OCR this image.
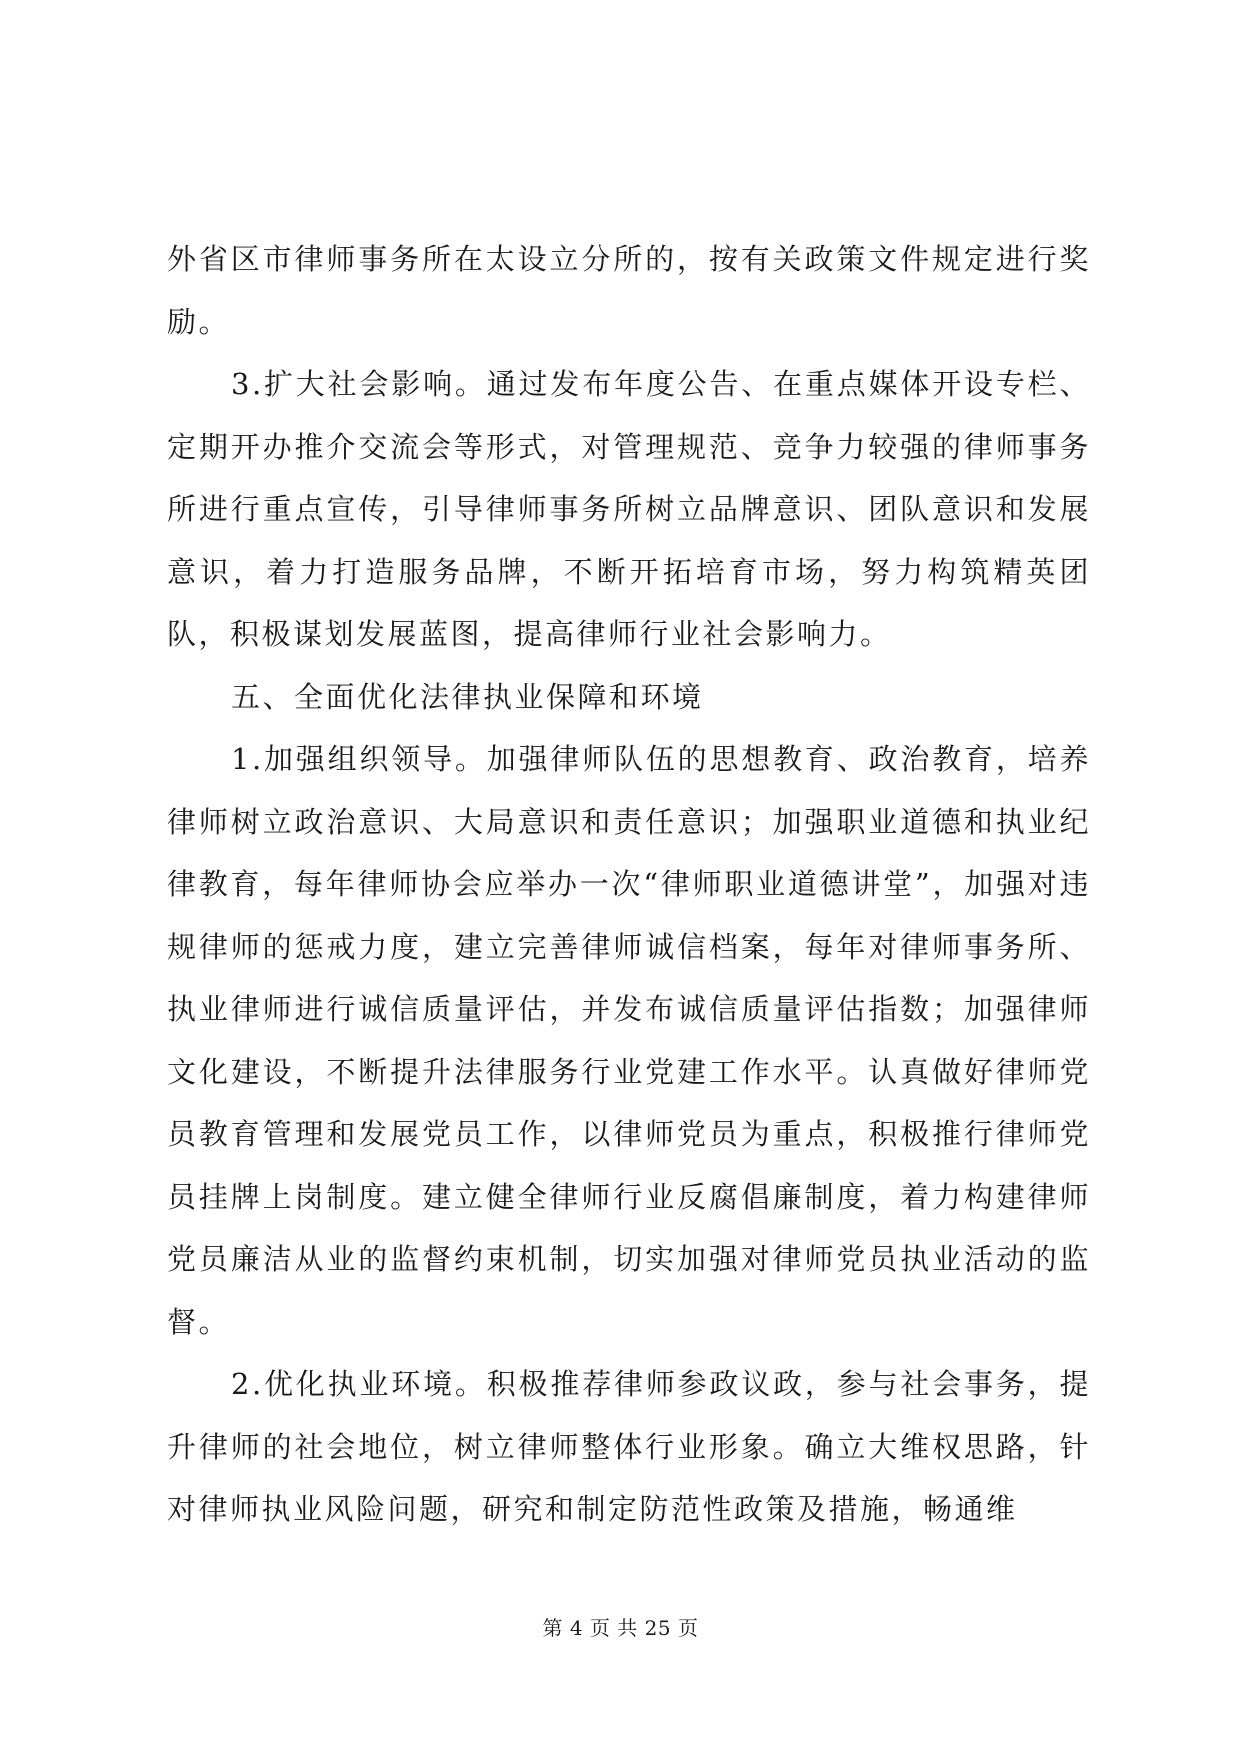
外省区市律师事务所在太设立分所的，按有关政策文件规定进行奖励。

3.扩大社会影响。通过发布年度公告、在重点媒体开设专栏、定期开办推介交流会等形式，对管理规范、竞争力较强的律师事务所进行重点宣传，引导律师事务所树立品牌意识、团队意识和发展意识，着力打造服务品牌，不断开拓培育市场，努力构筑精英团队，积极谋划发展蓝图，提高律师行业社会影响力。

五、全面优化法律执业保障和环境

1.加强组织领导。加强律师队伍的思想教育、政治教育，培养律师树立政治意识、大局意识和责任意识；加强职业道德和执业纪律教育，每年律师协会应举办一次“律师职业道德讲堂”，加强对违规律师的惩戒力度，建立完善律师诚信档案，每年对律师事务所、执业律师进行诚信质量评估，并发布诚信质量评估指数；加强律师文化建设，不断提升法律服务行业党建工作水平。认真做好律师党员教育管理和发展党员工作，以律师党员为重点，积极推行律师党员挂牌上岗制度。建立健全律师行业反腐倡廉制度，着力构建律师党员廉洁从业的监督约束机制，切实加强对律师党员执业活动的监督。

2.优化执业环境。积极推荐律师参政议政，参与社会事务，提升律师的社会地位，树立律师整体行业形象。确立大维权思路，针对律师执业风险问题，研究和制定防范性政策及措施，畅通维

第 4 页 共 25 页
